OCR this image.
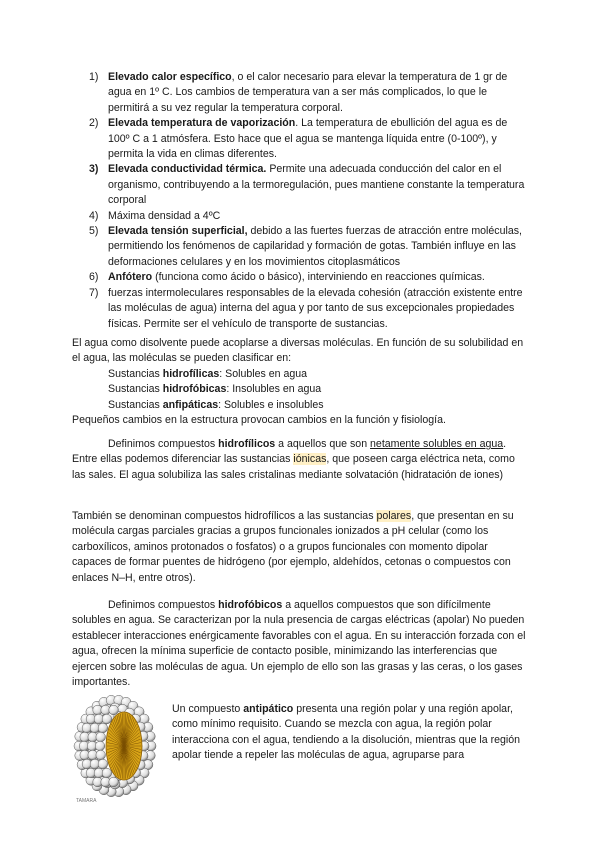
1) Elevado calor específico, o el calor necesario para elevar la temperatura de 1 gr de agua en 1º C. Los cambios de temperatura van a ser más complicados, lo que le permitirá a su vez regular la temperatura corporal.
2) Elevada temperatura de vaporización. La temperatura de ebullición del agua es de 100º C a 1 atmósfera. Esto hace que el agua se mantenga líquida entre (0-100º), y permita la vida en climas diferentes.
3) Elevada conductividad térmica. Permite una adecuada conducción del calor en el organismo, contribuyendo a la termoregulación, pues mantiene constante la temperatura corporal
4) Máxima densidad a 4ºC
5) Elevada tensión superficial, debido a las fuertes fuerzas de atracción entre moléculas, permitiendo los fenómenos de capilaridad y formación de gotas. También influye en las deformaciones celulares y en los movimientos citoplasmáticos
6) Anfótero (funciona como ácido o básico), interviniendo en reacciones químicas.
7) fuerzas intermoleculares responsables de la elevada cohesión (atracción existente entre las moléculas de agua) interna del agua y por tanto de sus excepcionales propiedades físicas. Permite ser el vehículo de transporte de sustancias.
El agua como disolvente puede acoplarse a diversas moléculas. En función de su solubilidad en el agua, las moléculas se pueden clasificar en:
Sustancias hidrofílicas: Solubles en agua
Sustancias hidrofóbicas: Insolubles en agua
Sustancias anfipáticas: Solubles e insolubles
Pequeños cambios en la estructura provocan cambios en la función y fisiología.
Definimos compuestos hidrofílicos a aquellos que son netamente solubles en agua. Entre ellas podemos diferenciar las sustancias iónicas, que poseen carga eléctrica neta, como las sales. El agua solubiliza las sales cristalinas mediante solvatación (hidratación de iones)
También se denominan compuestos hidrofílicos a las sustancias polares, que presentan en su molécula cargas parciales gracias a grupos funcionales ionizados a pH celular (como los carboxílicos, aminos protonados o fosfatos) o a grupos funcionales con momento dipolar capaces de formar puentes de hidrógeno (por ejemplo, aldehídos, cetonas o compuestos con enlaces N–H, entre otros).
Definimos compuestos hidrofóbicos a aquellos compuestos que son difícilmente solubles en agua. Se caracterizan por la nula presencia de cargas eléctricas (apolar) No pueden establecer interacciones enérgicamente favorables con el agua. En su interacción forzada con el agua, ofrecen la mínima superficie de contacto posible, minimizando las interferencias que ejercen sobre las moléculas de agua. Un ejemplo de ello son las grasas y las ceras, o los gases importantes.
TAMARA
Un compuesto antipático presenta una región polar y una región apolar, como mínimo requisito. Cuando se mezcla con agua, la región polar interacciona con el agua, tendiendo a la disolución, mientras que la región apolar tiende a repeler las moléculas de agua, agruparse para
